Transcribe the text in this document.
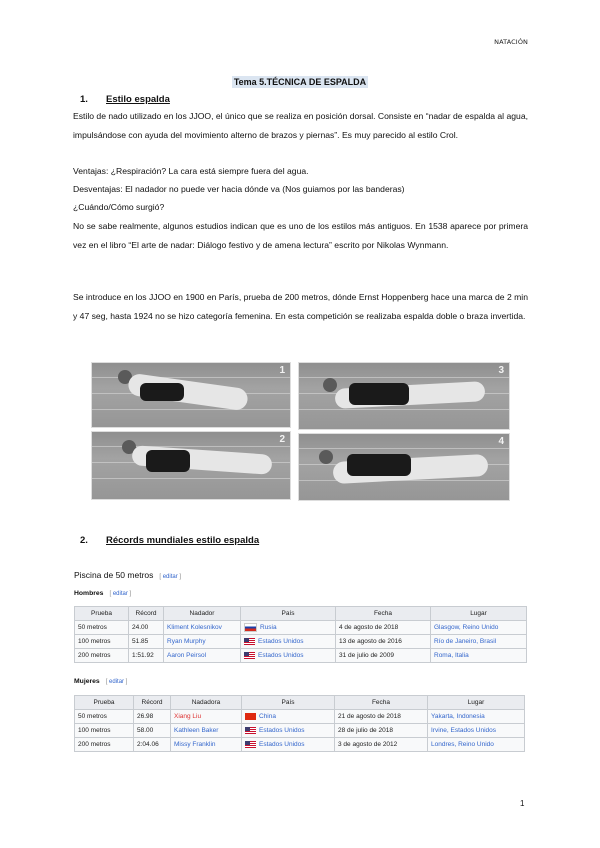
NATACIÓN
Tema 5.TÉCNICA DE ESPALDA
1. Estilo espalda
Estilo de nado utilizado en los JJOO, el único que se realiza en posición dorsal. Consiste en “nadar de espalda al agua, impulsándose con ayuda del movimiento alterno de brazos y piernas”. Es muy parecido al estilo Crol.
Ventajas: ¿Respiración? La cara está siempre fuera del agua.
Desventajas: El nadador no puede ver hacia dónde va (Nos guiamos por las banderas)
¿Cuándo/Cómo surgió?
No se sabe realmente, algunos estudios indican que es uno de los estilos más antiguos. En 1538 aparece por primera vez en el libro “El arte de nadar: Diálogo festivo y de amena lectura” escrito por Nikolas Wynmann.
Se introduce en los JJOO en 1900 en París, prueba de 200 metros, dónde Ernst Hoppenberg hace una marca de 2 min y 47 seg, hasta 1924 no se hizo categoría femenina. En esta competición se realizaba espalda doble o braza invertida.
1
2
3
4
2. Récords mundiales estilo espalda
Piscina de 50 metros [ editar ]
Hombres [ editar ]
Prueba	Récord	Nadador	País	Fecha	Lugar
50 metros	24.00	Kliment Kolesnikov	Rusia	4 de agosto de 2018	Glasgow, Reino Unido
100 metros	51.85	Ryan Murphy	Estados Unidos	13 de agosto de 2016	Río de Janeiro, Brasil
200 metros	1:51.92	Aaron Peirsol	Estados Unidos	31 de julio de 2009	Roma, Italia
Mujeres [ editar ]
Prueba	Récord	Nadadora	País	Fecha	Lugar
50 metros	26.98	Xiang Liu	China	21 de agosto de 2018	Yakarta, Indonesia
100 metros	58.00	Kathleen Baker	Estados Unidos	28 de julio de 2018	Irvine, Estados Unidos
200 metros	2:04.06	Missy Franklin	Estados Unidos	3 de agosto de 2012	Londres, Reino Unido
1
